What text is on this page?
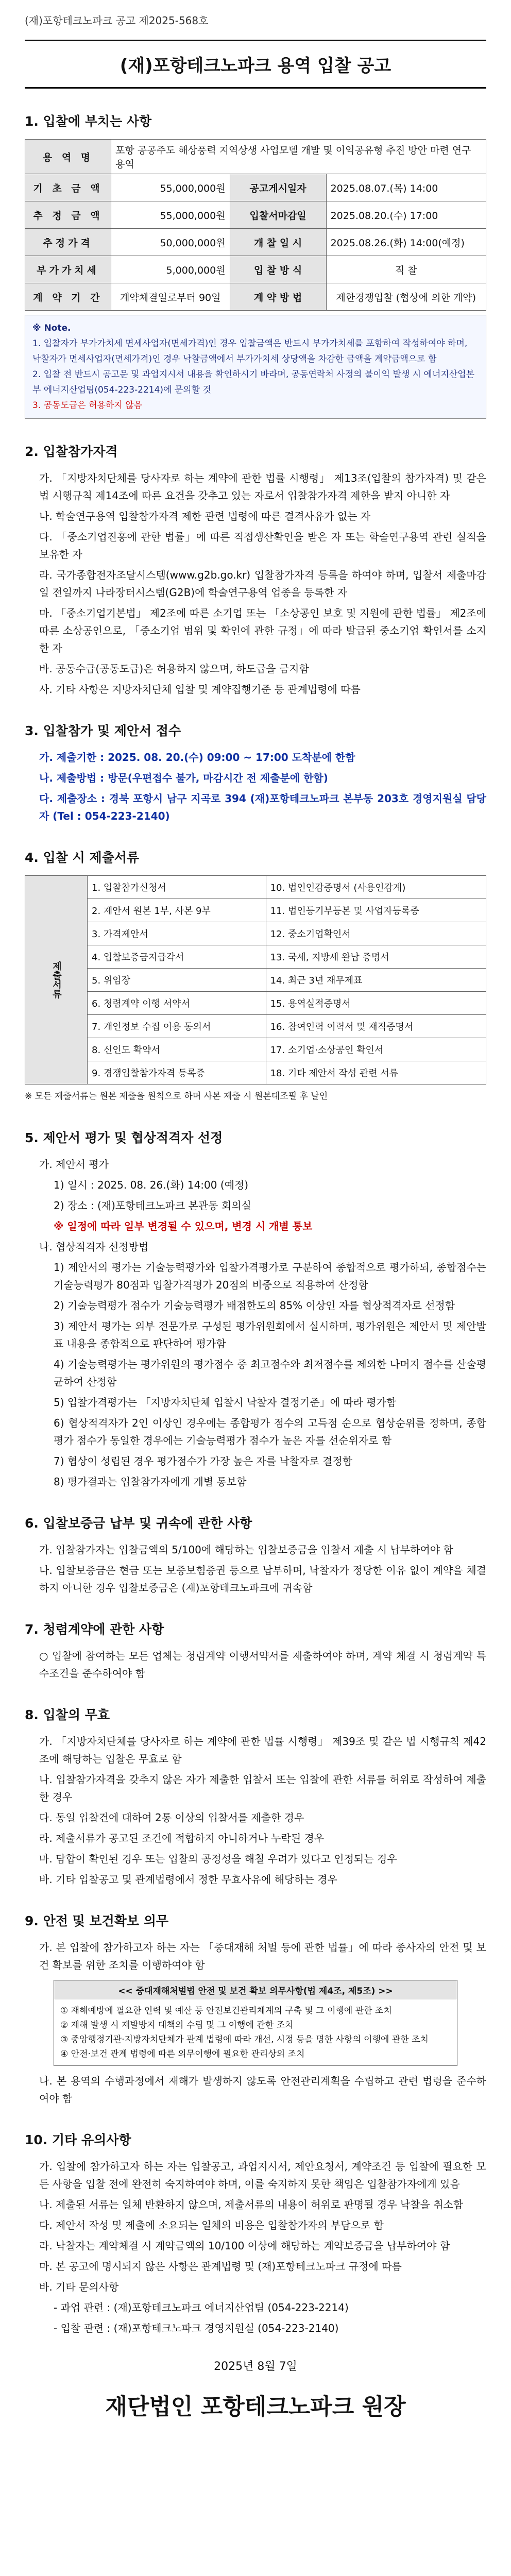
(재)포항테크노파크 공고 제2025-568호
(재)포항테크노파크 용역 입찰 공고
1. 입찰에 부치는 사항
용 역 명	포항 공공주도 해상풍력 지역상생 사업모델 개발 및 이익공유형 추진 방안 마련 연구 용역		
기 초 금 액	55,000,000원	공고게시일자	2025.08.07.(목) 14:00
추 정 금 액	55,000,000원	입찰서마감일	2025.08.20.(수) 17:00
추정가격	50,000,000원	개 찰 일 시	2025.08.26.(화) 14:00(예정)
부가가치세	5,000,000원	입 찰 방 식	직 찰
계 약 기 간	계약체결일로부터 90일	계 약 방 법	제한경쟁입찰 (협상에 의한 계약)
※ Note.
1. 입찰자가 부가가치세 면세사업자(면세가격)인 경우 입찰금액은 반드시 부가가치세를 포함하여 작성하여야 하며, 낙찰자가 면세사업자(면세가격)인 경우 낙찰금액에서 부가가치세 상당액을 차감한 금액을 계약금액으로 함
2. 입찰 전 반드시 공고문 및 과업지시서 내용을 확인하시기 바라며, 공동연락처 사정의 불이익 발생 시 에너지산업본부 에너지산업팀(054-223-2214)에 문의할 것
3. 공동도급은 허용하지 않음
2. 입찰참가자격
가. 「지방자치단체를 당사자로 하는 계약에 관한 법률 시행령」 제13조(입찰의 참가자격) 및 같은 법 시행규칙 제14조에 따른 요건을 갖추고 있는 자로서 입찰참가자격 제한을 받지 아니한 자
나. 학술연구용역 입찰참가자격 제한 관련 법령에 따른 결격사유가 없는 자
다. 「중소기업진흥에 관한 법률」에 따른 직접생산확인을 받은 자 또는 학술연구용역 관련 실적을 보유한 자
라. 국가종합전자조달시스템(www.g2b.go.kr) 입찰참가자격 등록을 하여야 하며, 입찰서 제출마감일 전일까지 나라장터시스템(G2B)에 학술연구용역 업종을 등록한 자
마. 「중소기업기본법」 제2조에 따른 소기업 또는 「소상공인 보호 및 지원에 관한 법률」 제2조에 따른 소상공인으로, 「중소기업 범위 및 확인에 관한 규정」에 따라 발급된 중소기업 확인서를 소지한 자
바. 공동수급(공동도급)은 허용하지 않으며, 하도급을 금지함
사. 기타 사항은 지방자치단체 입찰 및 계약집행기준 등 관계법령에 따름
3. 입찰참가 및 제안서 접수
가. 제출기한 : 2025. 08. 20.(수) 09:00 ~ 17:00 도착분에 한함
나. 제출방법 : 방문(우편접수 불가, 마감시간 전 제출분에 한함)
다. 제출장소 : 경북 포항시 남구 지곡로 394 (재)포항테크노파크 본부동 203호 경영지원실 담당자 (Tel : 054-223-2140)
4. 입찰 시 제출서류
제출서류	1. 입찰참가신청서	10. 법인인감증명서 (사용인감계)
	2. 제안서 원본 1부, 사본 9부	11. 법인등기부등본 및 사업자등록증
	3. 가격제안서	12. 중소기업확인서
	4. 입찰보증금지급각서	13. 국세, 지방세 완납 증명서
	5. 위임장	14. 최근 3년 재무제표
	6. 청렴계약 이행 서약서	15. 용역실적증명서
	7. 개인정보 수집 이용 동의서	16. 참여인력 이력서 및 재직증명서
	8. 신인도 확약서	17. 소기업·소상공인 확인서
	9. 경쟁입찰참가자격 등록증	18. 기타 제안서 작성 관련 서류
※ 모든 제출서류는 원본 제출을 원칙으로 하며 사본 제출 시 원본대조필 후 날인
5. 제안서 평가 및 협상적격자 선정
가. 제안서 평가
1) 일시 : 2025. 08. 26.(화) 14:00 (예정)
2) 장소 : (재)포항테크노파크 본관동 회의실
※ 일정에 따라 일부 변경될 수 있으며, 변경 시 개별 통보
나. 협상적격자 선정방법
1) 제안서의 평가는 기술능력평가와 입찰가격평가로 구분하여 종합적으로 평가하되, 종합점수는 기술능력평가 80점과 입찰가격평가 20점의 비중으로 적용하여 산정함
2) 기술능력평가 점수가 기술능력평가 배점한도의 85% 이상인 자를 협상적격자로 선정함
3) 제안서 평가는 외부 전문가로 구성된 평가위원회에서 실시하며, 평가위원은 제안서 및 제안발표 내용을 종합적으로 판단하여 평가함
4) 기술능력평가는 평가위원의 평가점수 중 최고점수와 최저점수를 제외한 나머지 점수를 산술평균하여 산정함
5) 입찰가격평가는 「지방자치단체 입찰시 낙찰자 결정기준」에 따라 평가함
6) 협상적격자가 2인 이상인 경우에는 종합평가 점수의 고득점 순으로 협상순위를 정하며, 종합평가 점수가 동일한 경우에는 기술능력평가 점수가 높은 자를 선순위자로 함
7) 협상이 성립된 경우 평가점수가 가장 높은 자를 낙찰자로 결정함
8) 평가결과는 입찰참가자에게 개별 통보함
6. 입찰보증금 납부 및 귀속에 관한 사항
가. 입찰참가자는 입찰금액의 5/100에 해당하는 입찰보증금을 입찰서 제출 시 납부하여야 함
나. 입찰보증금은 현금 또는 보증보험증권 등으로 납부하며, 낙찰자가 정당한 이유 없이 계약을 체결하지 아니한 경우 입찰보증금은 (재)포항테크노파크에 귀속함
7. 청렴계약에 관한 사항
○ 입찰에 참여하는 모든 업체는 청렴계약 이행서약서를 제출하여야 하며, 계약 체결 시 청렴계약 특수조건을 준수하여야 함
8. 입찰의 무효
가. 「지방자치단체를 당사자로 하는 계약에 관한 법률 시행령」 제39조 및 같은 법 시행규칙 제42조에 해당하는 입찰은 무효로 함
나. 입찰참가자격을 갖추지 않은 자가 제출한 입찰서 또는 입찰에 관한 서류를 허위로 작성하여 제출한 경우
다. 동일 입찰건에 대하여 2통 이상의 입찰서를 제출한 경우
라. 제출서류가 공고된 조건에 적합하지 아니하거나 누락된 경우
마. 담합이 확인된 경우 또는 입찰의 공정성을 해칠 우려가 있다고 인정되는 경우
바. 기타 입찰공고 및 관계법령에서 정한 무효사유에 해당하는 경우
9. 안전 및 보건확보 의무
가. 본 입찰에 참가하고자 하는 자는 「중대재해 처벌 등에 관한 법률」에 따라 종사자의 안전 및 보건 확보를 위한 조치를 이행하여야 함
<< 중대재해처벌법 안전 및 보건 확보 의무사항(법 제4조, 제5조) >>
① 재해예방에 필요한 인력 및 예산 등 안전보건관리체계의 구축 및 그 이행에 관한 조치
② 재해 발생 시 재발방지 대책의 수립 및 그 이행에 관한 조치
③ 중앙행정기관·지방자치단체가 관계 법령에 따라 개선, 시정 등을 명한 사항의 이행에 관한 조치
④ 안전·보건 관계 법령에 따른 의무이행에 필요한 관리상의 조치
나. 본 용역의 수행과정에서 재해가 발생하지 않도록 안전관리계획을 수립하고 관련 법령을 준수하여야 함
10. 기타 유의사항
가. 입찰에 참가하고자 하는 자는 입찰공고, 과업지시서, 제안요청서, 계약조건 등 입찰에 필요한 모든 사항을 입찰 전에 완전히 숙지하여야 하며, 이를 숙지하지 못한 책임은 입찰참가자에게 있음
나. 제출된 서류는 일체 반환하지 않으며, 제출서류의 내용이 허위로 판명될 경우 낙찰을 취소함
다. 제안서 작성 및 제출에 소요되는 일체의 비용은 입찰참가자의 부담으로 함
라. 낙찰자는 계약체결 시 계약금액의 10/100 이상에 해당하는 계약보증금을 납부하여야 함
마. 본 공고에 명시되지 않은 사항은 관계법령 및 (재)포항테크노파크 규정에 따름
바. 기타 문의사항
- 과업 관련 : (재)포항테크노파크 에너지산업팀 (054-223-2214)
- 입찰 관련 : (재)포항테크노파크 경영지원실 (054-223-2140)
2025년 8월 7일
재단법인 포항테크노파크 원장
